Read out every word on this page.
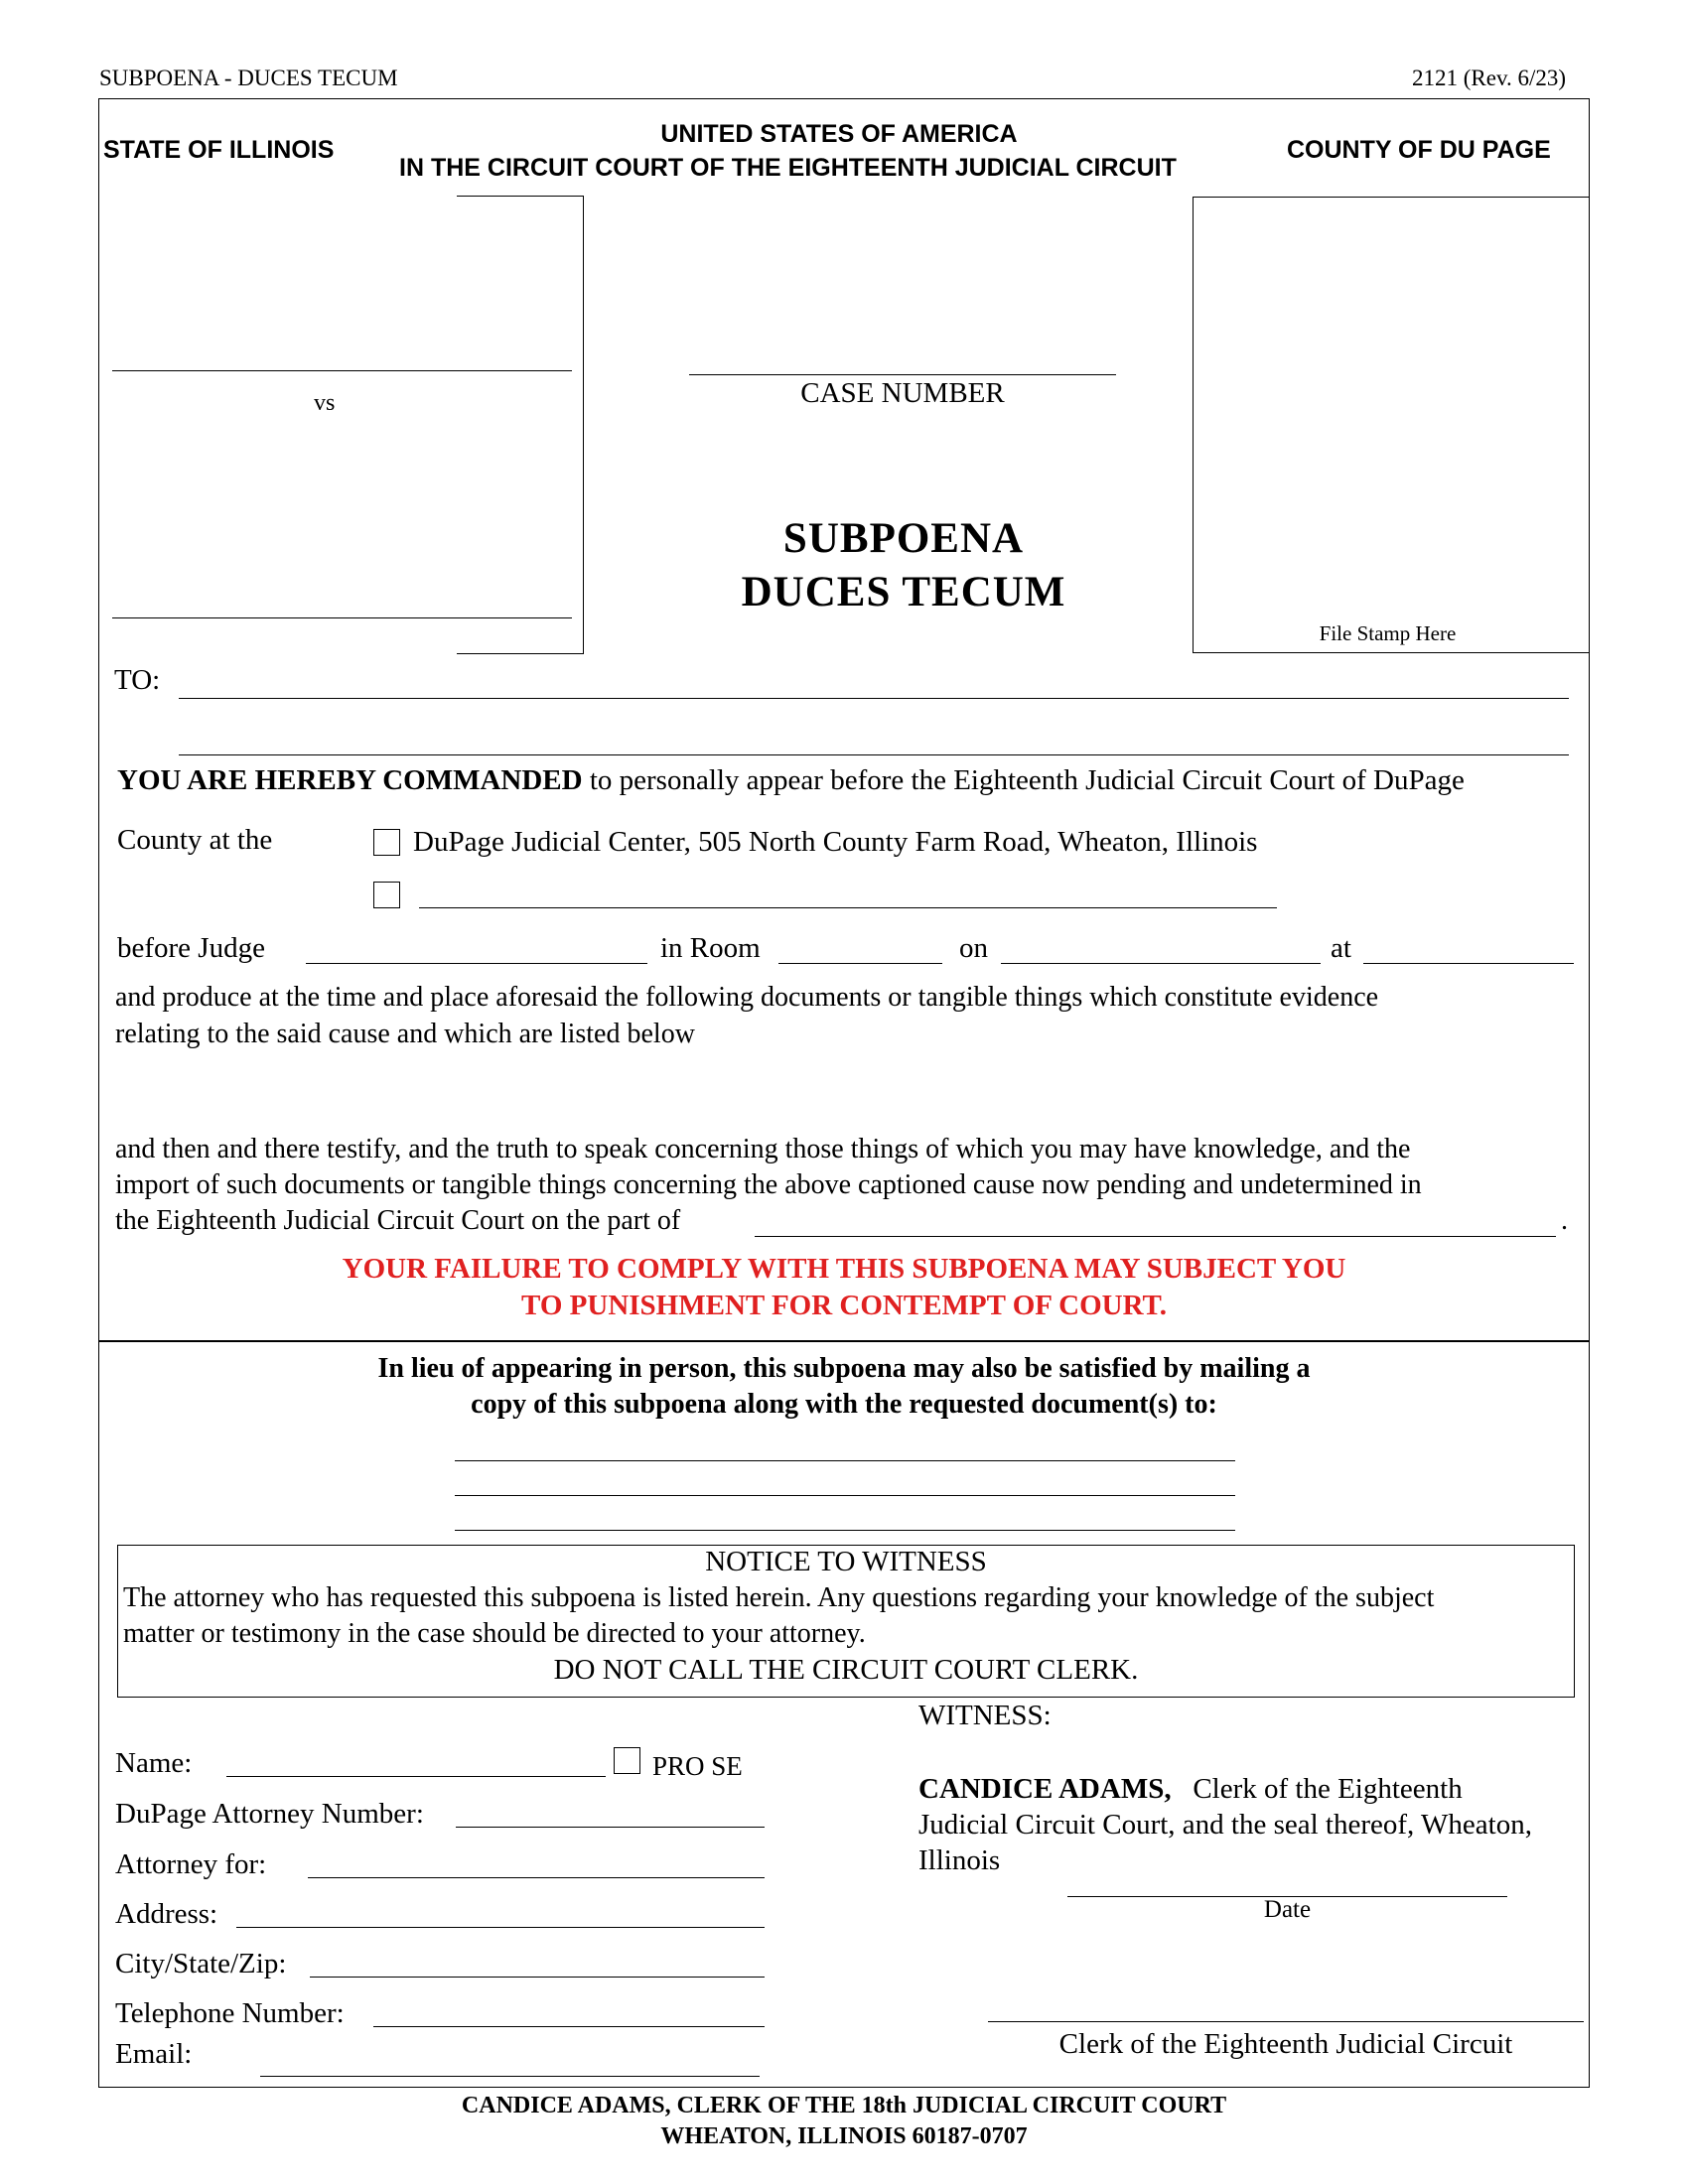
SUBPOENA - DUCES TECUM	2121 (Rev. 6/23)
STATE OF ILLINOIS
UNITED STATES OF AMERICA
IN THE CIRCUIT COURT OF THE EIGHTEENTH JUDICIAL CIRCUIT
COUNTY OF DU PAGE
vs	CASE NUMBER
SUBPOENA
DUCES TECUM
File Stamp Here
TO:
YOU ARE HEREBY COMMANDED to personally appear before the Eighteenth Judicial Circuit Court of DuPage
County at the	DuPage Judicial Center, 505 North County Farm Road, Wheaton, Illinois
before Judge	in Room	on	at
and produce at the time and place aforesaid the following documents or tangible things which constitute evidence
relating to the said cause and which are listed below
and then and there testify, and the truth to speak concerning those things of which you may have knowledge, and the
import of such documents or tangible things concerning the above captioned cause now pending and undetermined in
the Eighteenth Judicial Circuit Court on the part of	.
YOUR FAILURE TO COMPLY WITH THIS SUBPOENA MAY SUBJECT YOU
TO PUNISHMENT FOR CONTEMPT OF COURT.
In lieu of appearing in person, this subpoena may also be satisfied by mailing a
copy of this subpoena along with the requested document(s) to:
NOTICE TO WITNESS
The attorney who has requested this subpoena is listed herein. Any questions regarding your knowledge of the subject
matter or testimony in the case should be directed to your attorney.
DO NOT CALL THE CIRCUIT COURT CLERK.
Name:	PRO SE
DuPage Attorney Number:
Attorney for:
Address:
City/State/Zip:
Telephone Number:
Email:
WITNESS:
CANDICE ADAMS, Clerk of the Eighteenth
Judicial Circuit Court, and the seal thereof, Wheaton,
Illinois
Date
Clerk of the Eighteenth Judicial Circuit
CANDICE ADAMS, CLERK OF THE 18th JUDICIAL CIRCUIT COURT
WHEATON, ILLINOIS 60187-0707
